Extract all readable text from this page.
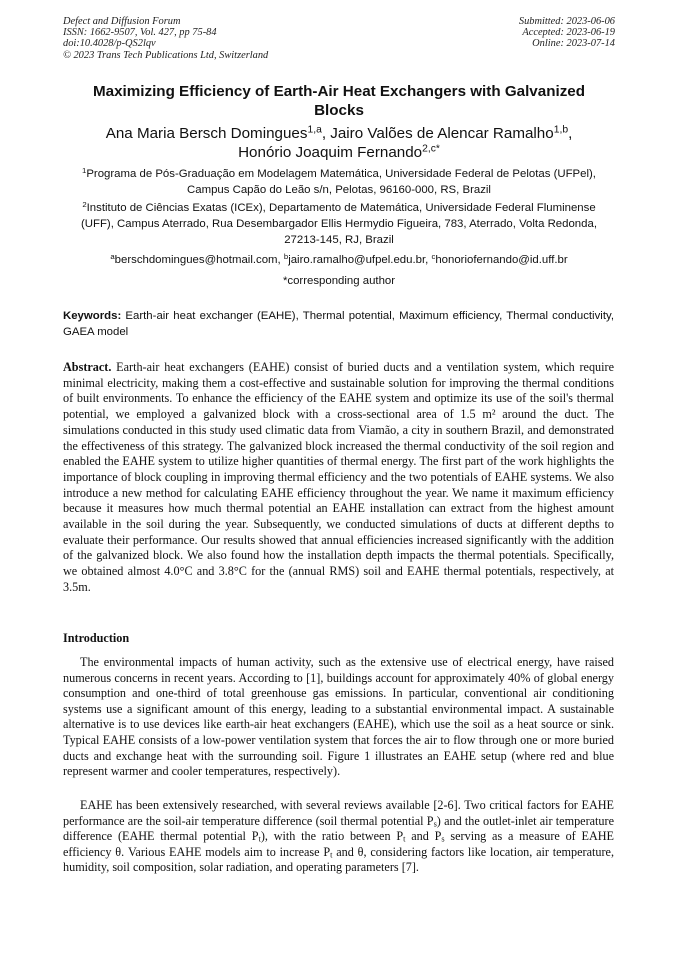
Defect and Diffusion Forum
ISSN: 1662-9507, Vol. 427, pp 75-84
doi:10.4028/p-QS2lqv
© 2023 Trans Tech Publications Ltd, Switzerland
Submitted: 2023-06-06
Accepted: 2023-06-19
Online: 2023-07-14
Maximizing Efficiency of Earth-Air Heat Exchangers with Galvanized Blocks
Ana Maria Bersch Domingues$^{1,a}$, Jairo Valões de Alencar Ramalho$^{1,b}$,
Honório Joaquim Fernando$^{2,c*}$
$^1$Programa de Pós-Graduação em Modelagem Matemática, Universidade Federal de Pelotas (UFPel), Campus Capão do Leão s/n, Pelotas, 96160-000, RS, Brazil
$^2$Instituto de Ciências Exatas (ICEx), Departamento de Matemática, Universidade Federal Fluminense (UFF), Campus Aterrado, Rua Desembargador Ellis Hermydio Figueira, 783, Aterrado, Volta Redonda, 27213-145, RJ, Brazil
$^a$berschdomingues@hotmail.com, $^b$jairo.ramalho@ufpel.edu.br, $^c$honoriofernando@id.uff.br
*corresponding author
Keywords: Earth-air heat exchanger (EAHE), Thermal potential, Maximum efficiency, Thermal conductivity, GAEA model
Abstract. Earth-air heat exchangers (EAHE) consist of buried ducts and a ventilation system, which require minimal electricity, making them a cost-effective and sustainable solution for improving the thermal conditions of built environments. To enhance the efficiency of the EAHE system and optimize its use of the soil's thermal potential, we employed a galvanized block with a cross-sectional area of 1.5 m² around the duct. The simulations conducted in this study used climatic data from Viamão, a city in southern Brazil, and demonstrated the effectiveness of this strategy. The galvanized block increased the thermal conductivity of the soil region and enabled the EAHE system to utilize higher quantities of thermal energy. The first part of the work highlights the importance of block coupling in improving thermal efficiency and the two potentials of EAHE systems. We also introduce a new method for calculating EAHE efficiency throughout the year. We name it maximum efficiency because it measures how much thermal potential an EAHE installation can extract from the highest amount available in the soil during the year. Subsequently, we conducted simulations of ducts at different depths to evaluate their performance. Our results showed that annual efficiencies increased significantly with the addition of the galvanized block. We also found how the installation depth impacts the thermal potentials. Specifically, we obtained almost 4.0°C and 3.8°C for the (annual RMS) soil and EAHE thermal potentials, respectively, at 3.5m.
Introduction
The environmental impacts of human activity, such as the extensive use of electrical energy, have raised numerous concerns in recent years. According to [1], buildings account for approximately 40% of global energy consumption and one-third of total greenhouse gas emissions. In particular, conventional air conditioning systems use a significant amount of this energy, leading to a substantial environmental impact. A sustainable alternative is to use devices like earth-air heat exchangers (EAHE), which use the soil as a heat source or sink. Typical EAHE consists of a low-power ventilation system that forces the air to flow through one or more buried ducts and exchange heat with the surrounding soil. Figure 1 illustrates an EAHE setup (where red and blue represent warmer and cooler temperatures, respectively).
EAHE has been extensively researched, with several reviews available [2-6]. Two critical factors for EAHE performance are the soil-air temperature difference (soil thermal potential $P_s$) and the outlet-inlet air temperature difference (EAHE thermal potential $P_t$), with the ratio between $P_t$ and $P_s$ serving as a measure of EAHE efficiency θ. Various EAHE models aim to increase $P_t$ and θ, considering factors like location, air temperature, humidity, soil composition, solar radiation, and operating parameters [7].
